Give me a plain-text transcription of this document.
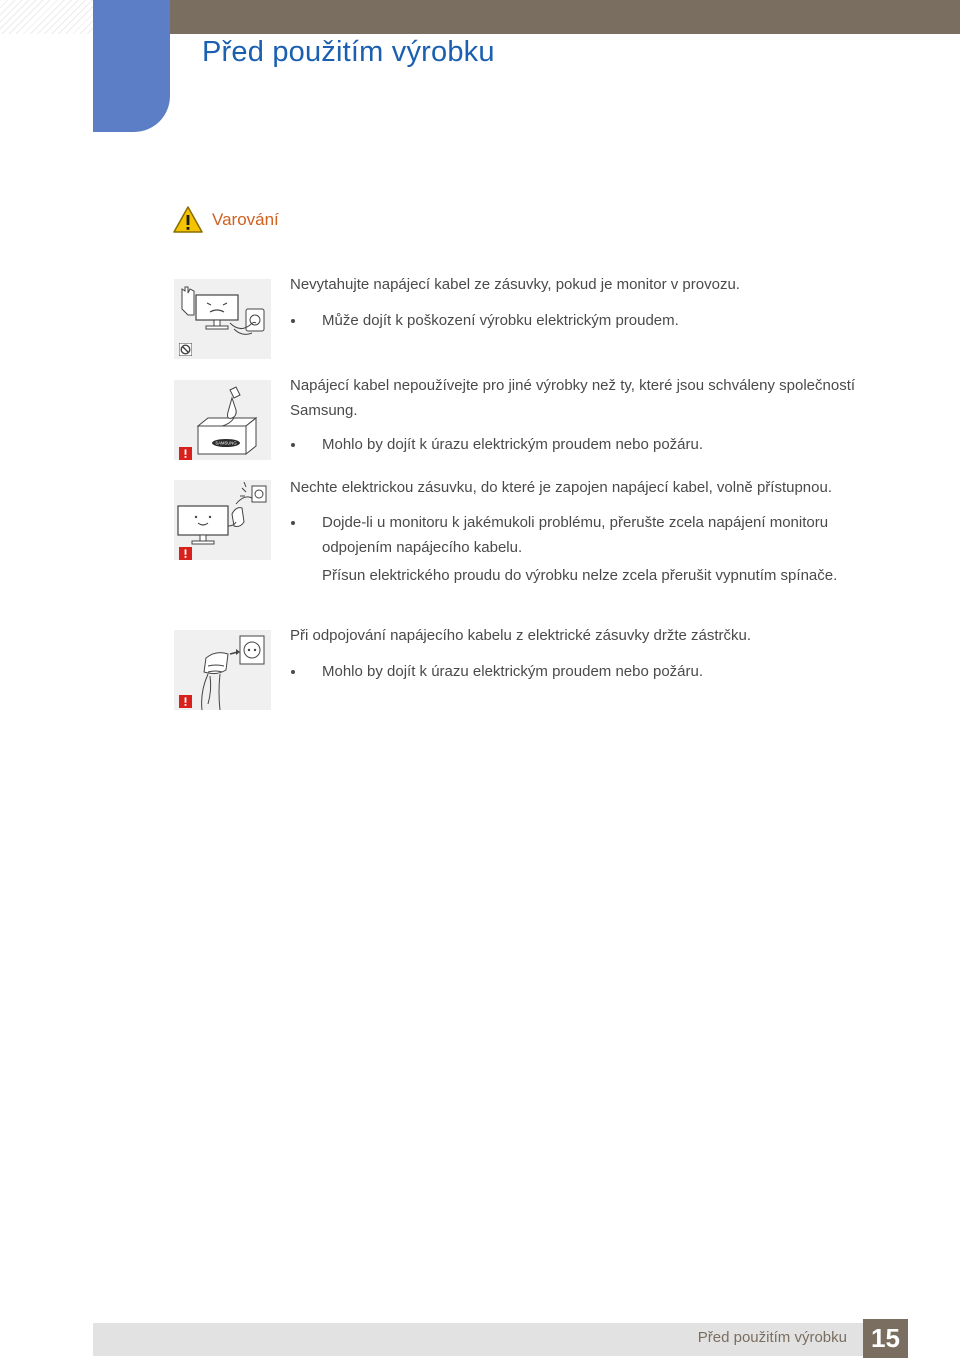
Před použitím výrobku
Varování
SAMSUNG

Nevytahujte napájecí kabel ze zásuvky, pokud je monitor v provozu.

Může dojít k poškození výrobku elektrickým proudem.

Napájecí kabel nepoužívejte pro jiné výrobky než ty, které jsou schváleny společností Samsung.

Mohlo by dojít k úrazu elektrickým proudem nebo požáru.

Nechte elektrickou zásuvku, do které je zapojen napájecí kabel, volně přístupnou.

Dojde-li u monitoru k jakémukoli problému, přerušte zcela napájení monitoru odpojením napájecího kabelu.

Přísun elektrického proudu do výrobku nelze zcela přerušit vypnutím spínače.

Při odpojování napájecího kabelu z elektrické zásuvky držte zástrčku.

Mohlo by dojít k úrazu elektrickým proudem nebo požáru.

Před použitím výrobku 15
